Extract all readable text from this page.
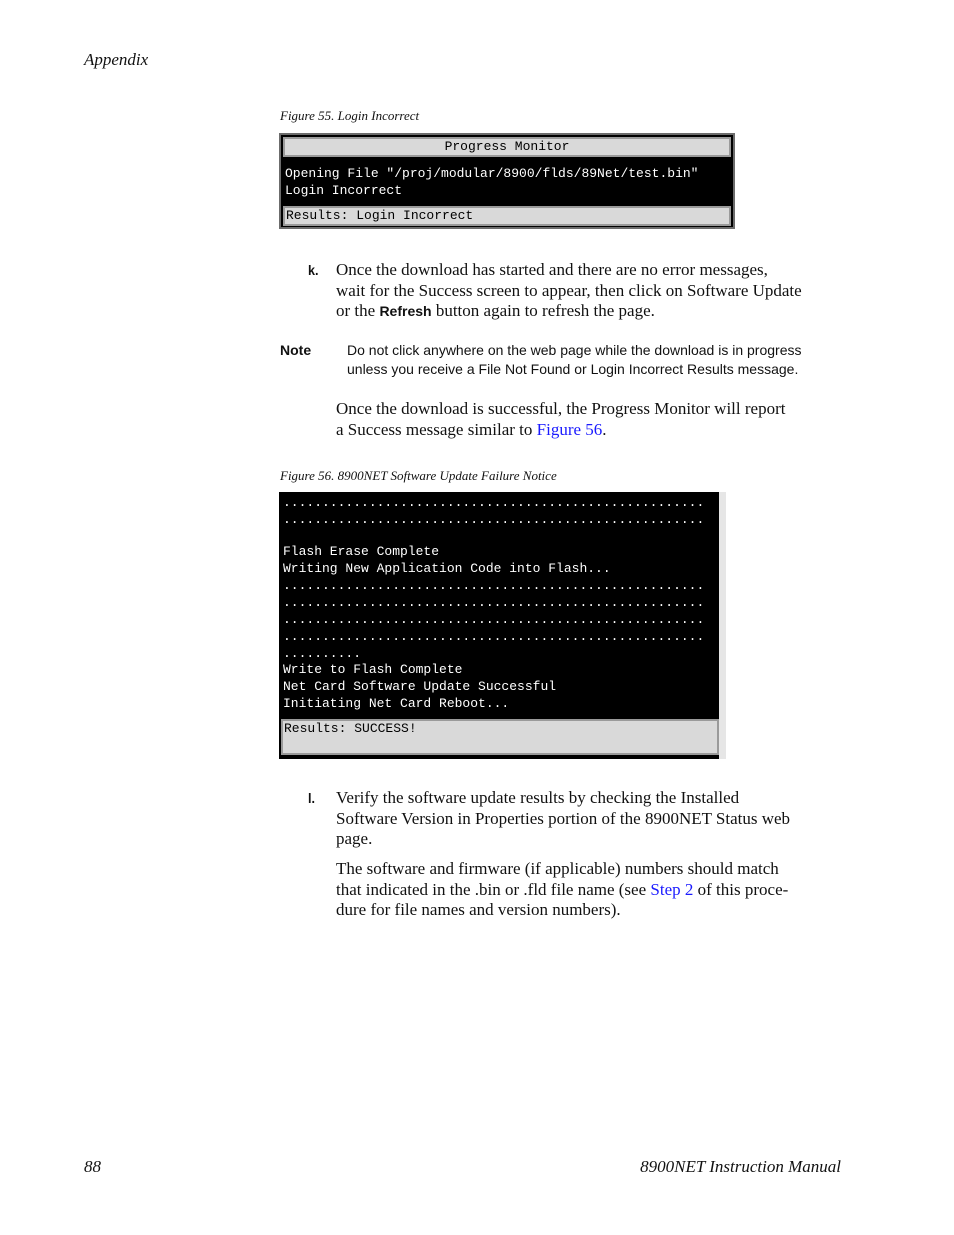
Appendix
Figure 55. Login Incorrect
Progress Monitor
Opening File "/proj/modular/8900/flds/89Net/test.bin"
Login Incorrect
Results: Login Incorrect
k. Once the download has started and there are no error messages,
wait for the Success screen to appear, then click on Software Update
or the Refresh button again to refresh the page.
Note	Do not click anywhere on the web page while the download is in progress
unless you receive a File Not Found or Login Incorrect Results message.
Once the download is successful, the Progress Monitor will report
a Success message similar to Figure 56.
Figure 56. 8900NET Software Update Failure Notice
......................................................
......................................................
Flash Erase Complete
Writing New Application Code into Flash...
......................................................
......................................................
......................................................
......................................................
..........
Write to Flash Complete
Net Card Software Update Successful
Initiating Net Card Reboot...
Results: SUCCESS!
l. Verify the software update results by checking the Installed
Software Version in Properties portion of the 8900NET Status web
page.
The software and firmware (if applicable) numbers should match
that indicated in the .bin or .fld file name (see Step 2 of this proce-
dure for file names and version numbers).
88	8900NET Instruction Manual
